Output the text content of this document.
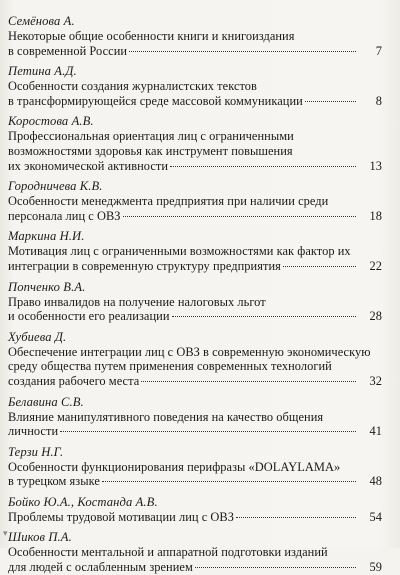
Семёнова А.
Некоторые общие особенности книги и книгоиздания
в современной России	7
Петина А.Д.
Особенности создания журналистских текстов
в трансформирующейся среде массовой коммуникации	8
Коростова А.В.
Профессиональная ориентация лиц с ограниченными
возможностями здоровья как инструмент повышения
их экономической активности	13
Городничева К.В.
Особенности менеджмента предприятия при наличии среди
персонала лиц с ОВЗ	18
Маркина Н.И.
Мотивация лиц с ограниченными возможностями как фактор их
интеграции в современную структуру предприятия	22
Попченко В.А.
Право инвалидов на получение налоговых льгот
и особенности его реализации	28
Хубиева Д.
Обеспечение интеграции лиц с ОВЗ в современную экономическую
среду общества путем применения современных технологий
создания рабочего места	32
Белавина С.В.
Влияние манипулятивного поведения на качество общения
личности	41
Терзи Н.Г.
Особенности функционирования перифразы «DOLAYLAMA»
в турецком языке	48
Бойко Ю.А., Костанда А.В.
Проблемы трудовой мотивации лиц с ОВЗ	54
Шиков П.А.
Особенности ментальной и аппаратной подготовки изданий
для людей с ослабленным зрением	59
▾
